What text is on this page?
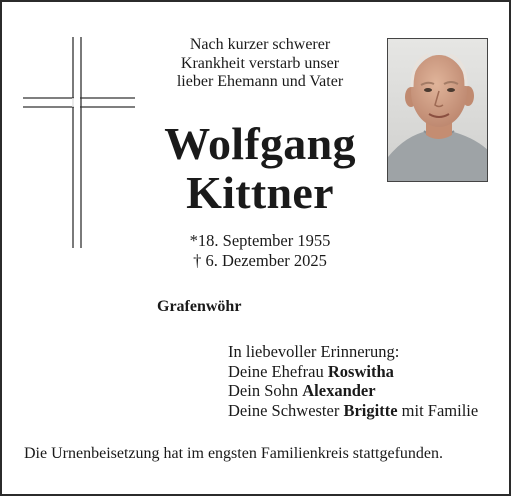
Nach kurzer schwerer
Krankheit verstarb unser
lieber Ehemann und Vater
Wolfgang
Kittner
*18. September 1955
† 6. Dezember 2025
Grafenwöhr
In liebevoller Erinnerung:
Deine Ehefrau Roswitha
Dein Sohn Alexander
Deine Schwester Brigitte mit Familie
Die Urnenbeisetzung hat im engsten Familienkreis stattgefunden.
